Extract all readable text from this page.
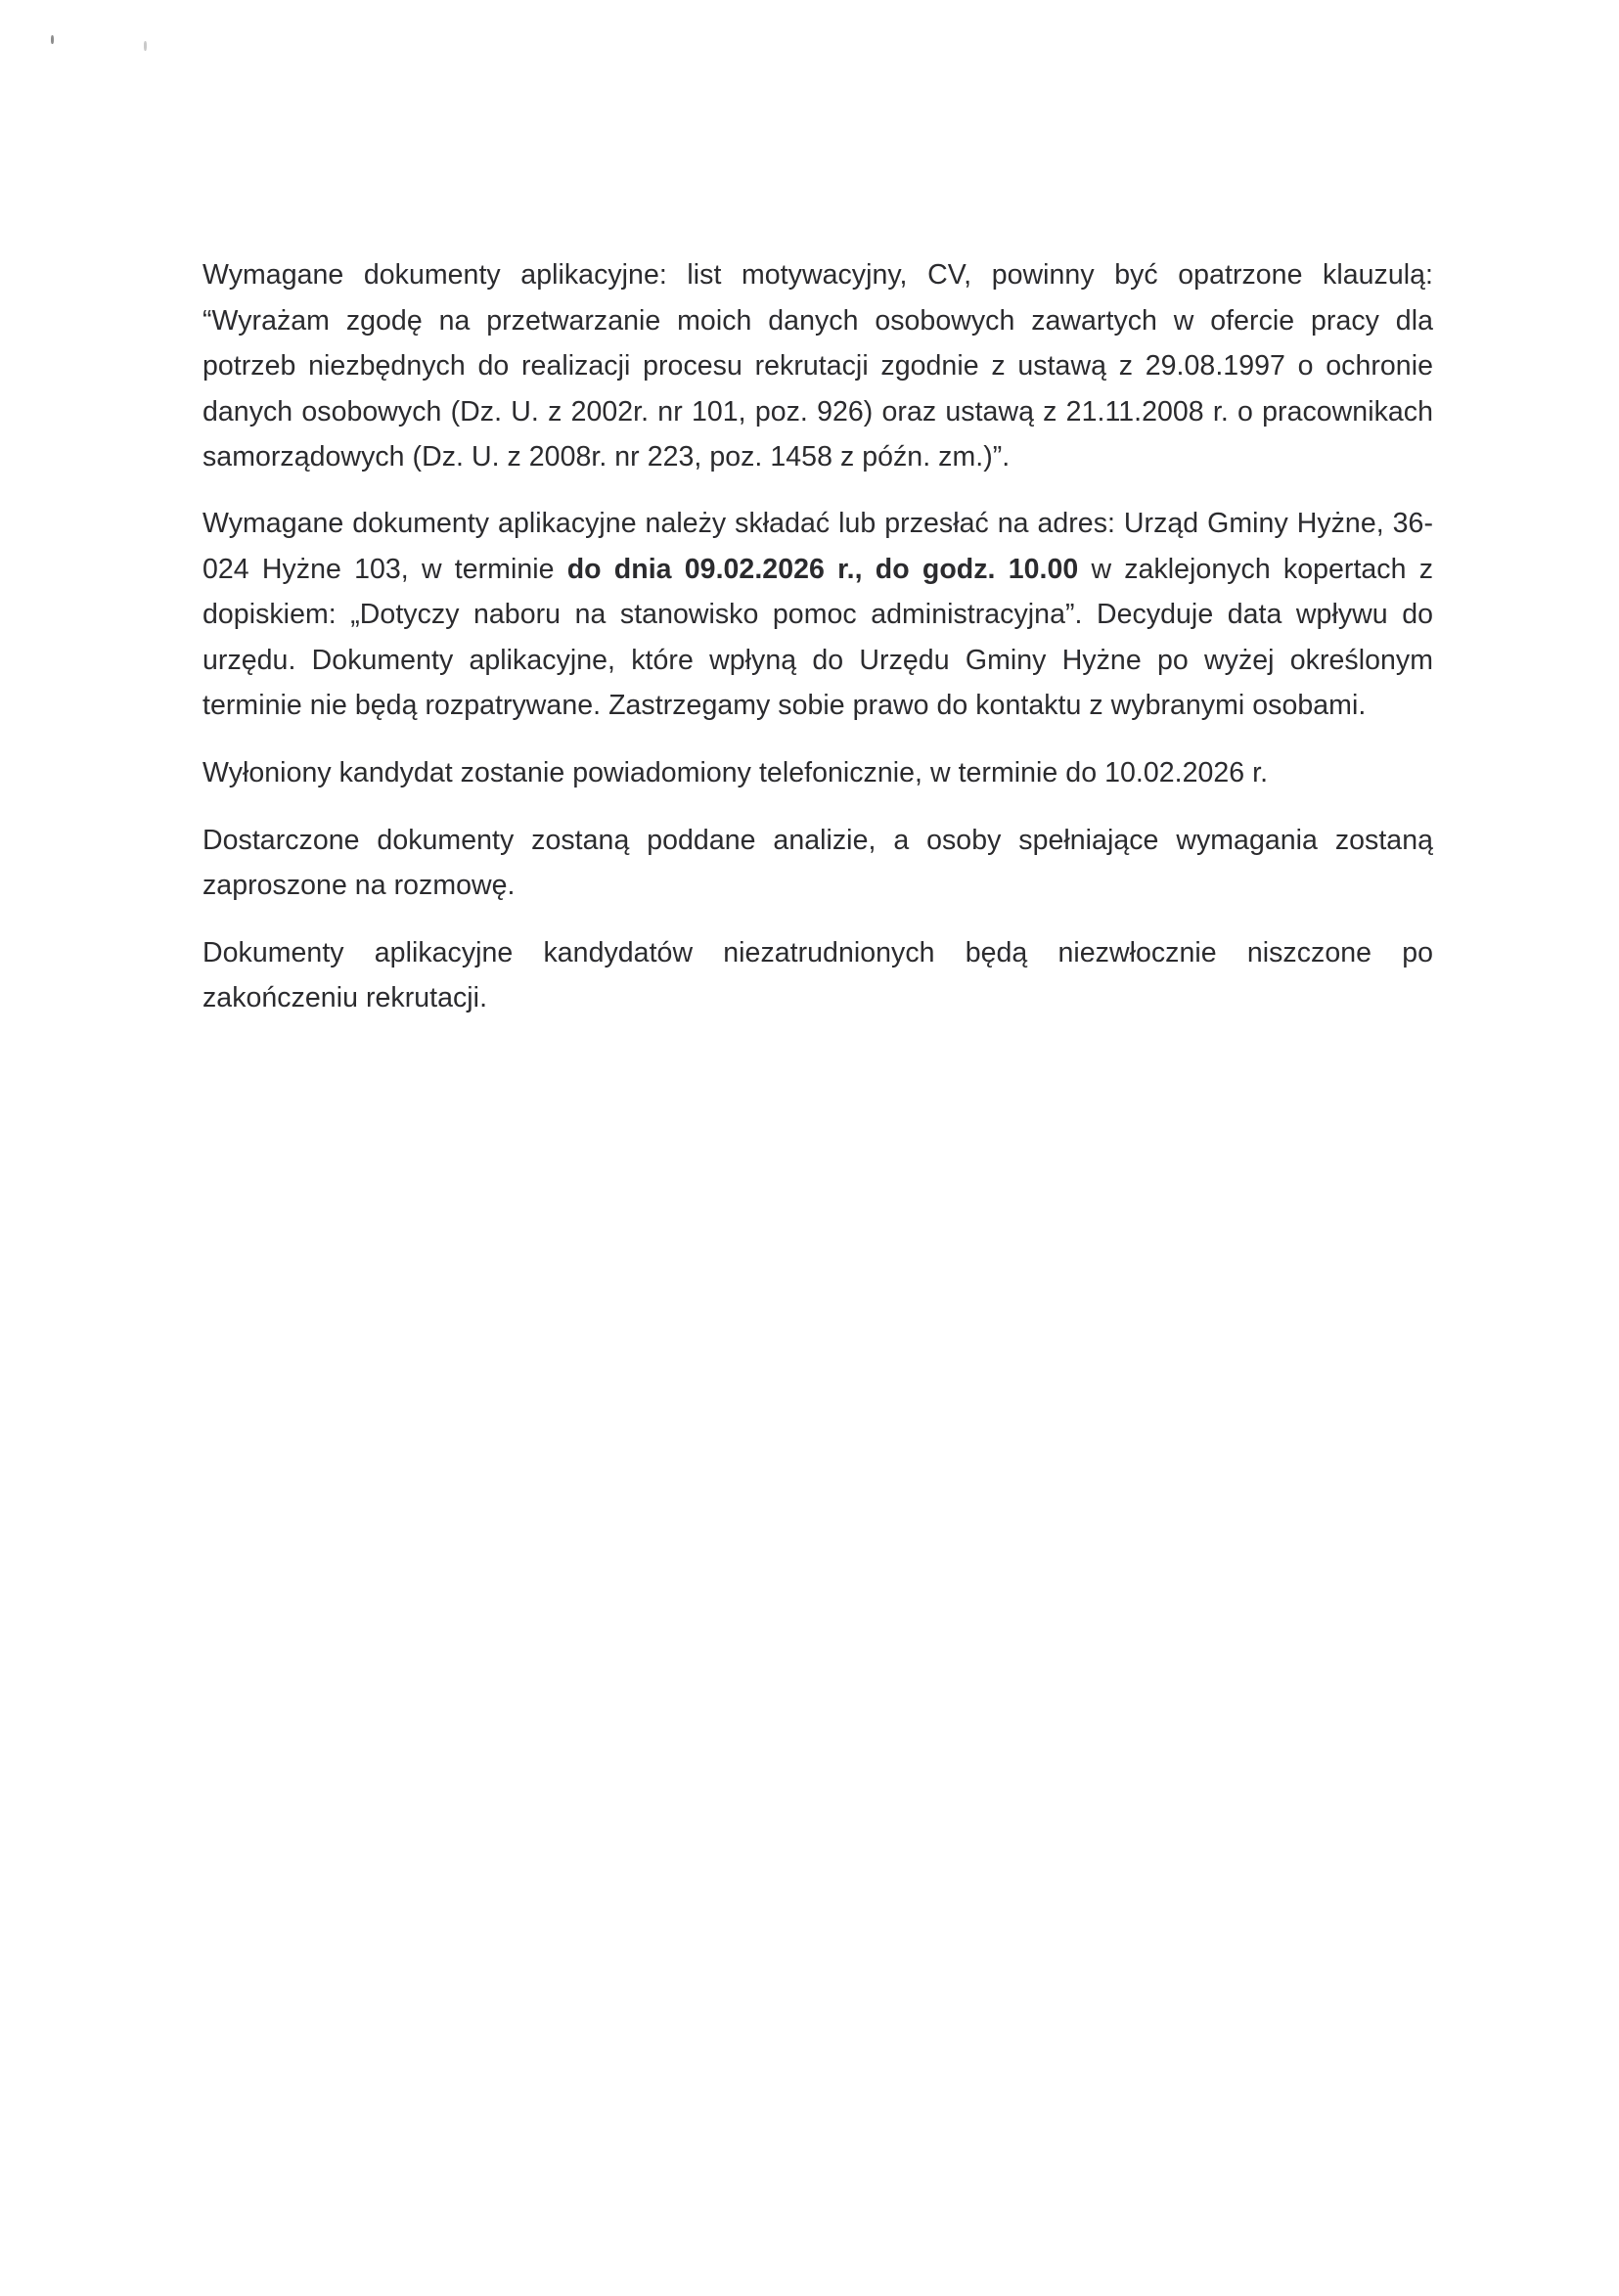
Wymagane dokumenty aplikacyjne: list motywacyjny, CV, powinny być opatrzone klauzulą: “Wyrażam zgodę na przetwarzanie moich danych osobowych zawartych w ofercie pracy dla potrzeb niezbędnych do realizacji procesu rekrutacji zgodnie z ustawą z 29.08.1997 o ochronie danych osobowych (Dz. U. z 2002r. nr 101, poz. 926) oraz ustawą z 21.11.2008 r. o pracownikach samorządowych (Dz. U. z 2008r. nr 223, poz. 1458 z późn. zm.)”.

Wymagane dokumenty aplikacyjne należy składać lub przesłać na adres: Urząd Gminy Hyżne, 36-024 Hyżne 103, w terminie do dnia 09.02.2026 r., do godz. 10.00 w zaklejonych kopertach z dopiskiem: „Dotyczy naboru na stanowisko pomoc administracyjna”. Decyduje data wpływu do urzędu. Dokumenty aplikacyjne, które wpłyną do Urzędu Gminy Hyżne po wyżej określonym terminie nie będą rozpatrywane. Zastrzegamy sobie prawo do kontaktu z wybranymi osobami.

Wyłoniony kandydat zostanie powiadomiony telefonicznie, w terminie do 10.02.2026 r.

Dostarczone dokumenty zostaną poddane analizie, a osoby spełniające wymagania zostaną zaproszone na rozmowę.

Dokumenty aplikacyjne kandydatów niezatrudnionych będą niezwłocznie niszczone po zakończeniu rekrutacji.
